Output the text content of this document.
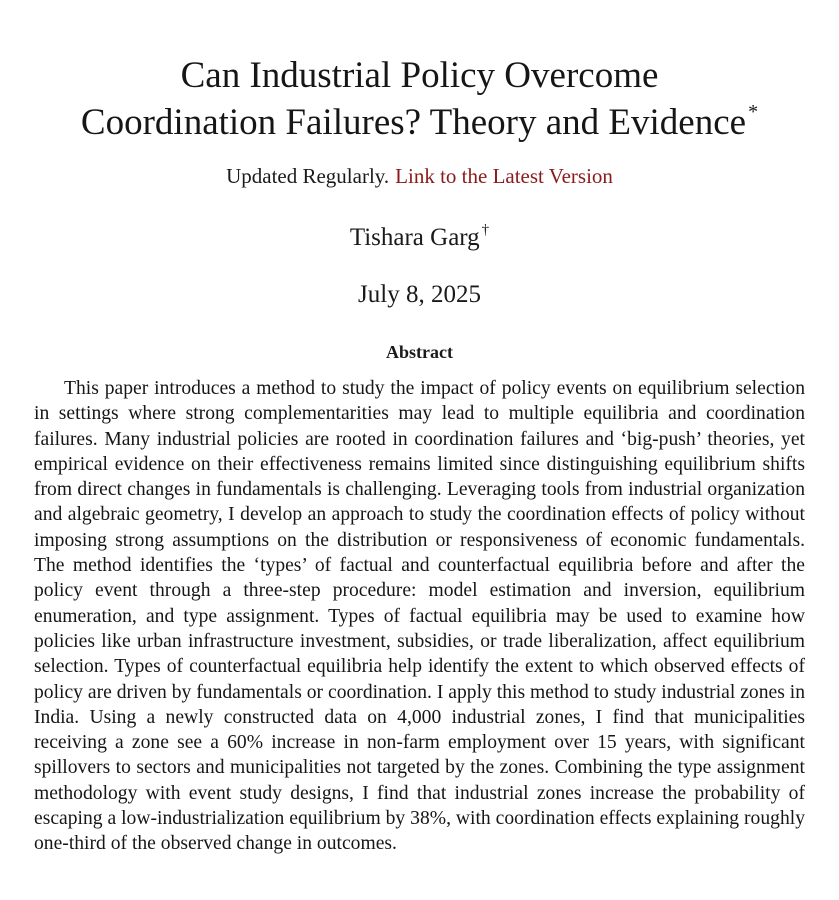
Can Industrial Policy Overcome
Coordination Failures? Theory and Evidence *
Updated Regularly. Link to the Latest Version
Tishara Garg †
July 8, 2025
Abstract

This paper introduces a method to study the impact of policy events on equilibrium selection in settings where strong complementarities may lead to multiple equilibria and coordination failures. Many industrial policies are rooted in coordination failures and ‘big-push’ theories, yet empirical evidence on their effectiveness remains limited since distinguishing equilibrium shifts from direct changes in fundamentals is challenging. Leveraging tools from industrial organization and algebraic geometry, I develop an approach to study the coordination effects of policy without imposing strong assumptions on the distribution or responsiveness of economic fundamentals. The method identifies the ‘types’ of factual and counterfactual equilibria before and after the policy event through a three-step procedure: model estimation and inversion, equilibrium enumeration, and type assignment. Types of factual equilibria may be used to examine how policies like urban infrastructure investment, subsidies, or trade liberalization, affect equilibrium selection. Types of counterfactual equilibria help identify the extent to which observed effects of policy are driven by fundamentals or coordination. I apply this method to study industrial zones in India. Using a newly constructed data on 4,000 industrial zones, I find that municipalities receiving a zone see a 60% increase in non-farm employment over 15 years, with significant spillovers to sectors and municipalities not targeted by the zones. Combining the type assignment methodology with event study designs, I find that industrial zones increase the probability of escaping a low-industrialization equilibrium by 38%, with coordination effects explaining roughly one-third of the observed change in outcomes.
